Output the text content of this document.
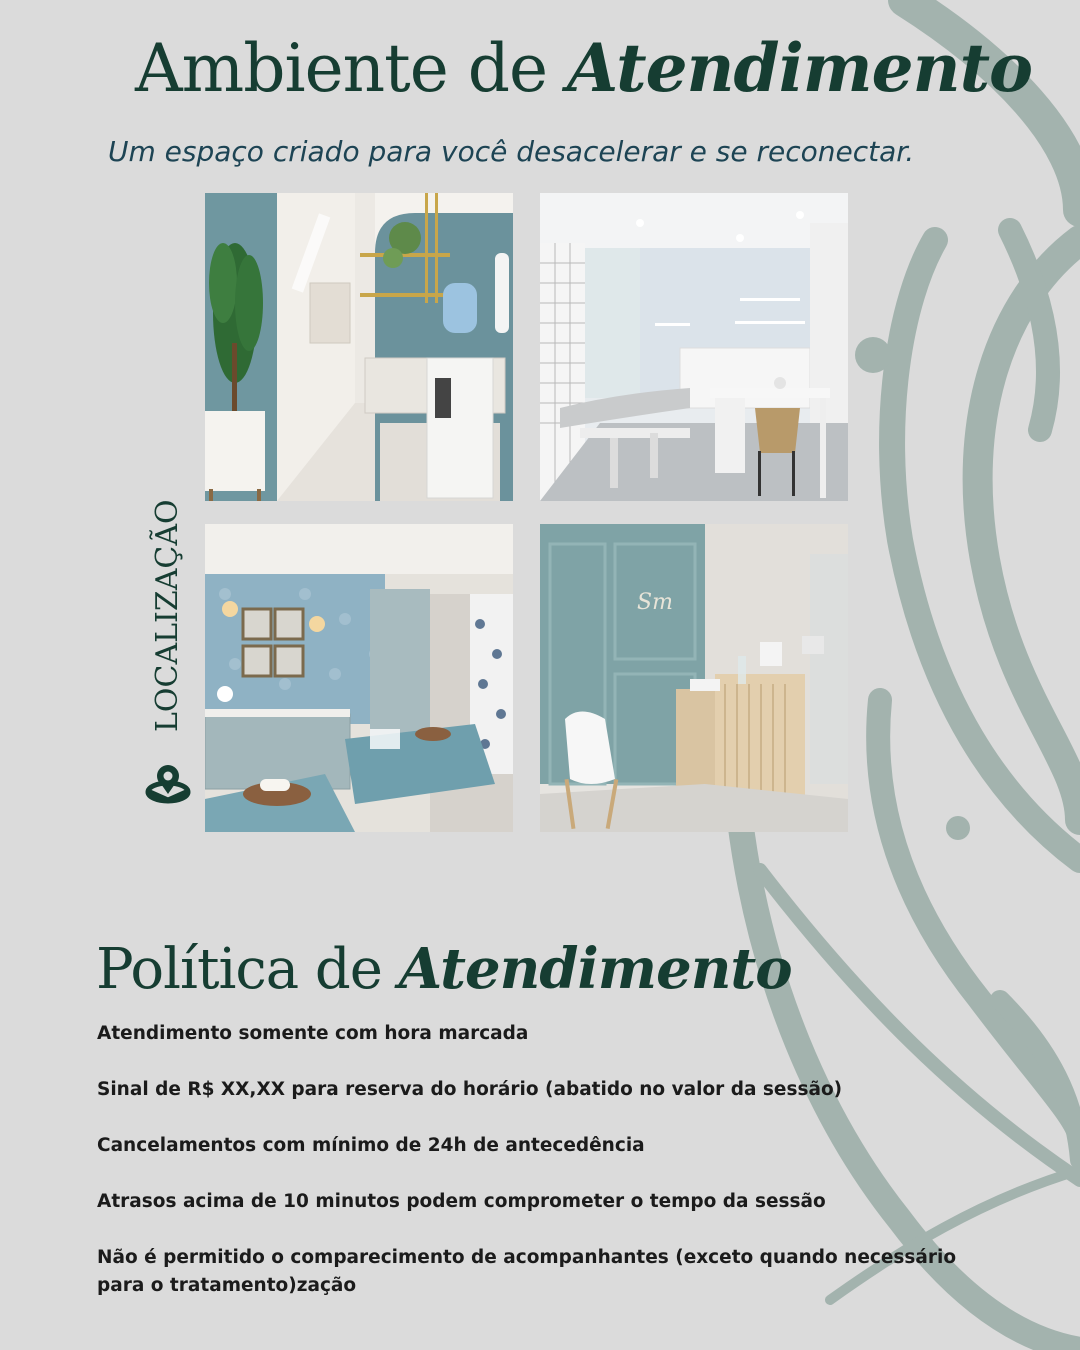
Ambiente de Atendimento
Um espaço criado para você desacelerar e se reconectar.
Sm
LOCALIZAÇÃO
Política de Atendimento
Atendimento somente com hora marcada
Sinal de R$ XX,XX para reserva do horário (abatido no valor da sessão)
Cancelamentos com mínimo de 24h de antecedência
Atrasos acima de 10 minutos podem comprometer o tempo da sessão
Não é permitido o comparecimento de acompanhantes (exceto quando necessário para o tratamento)zação
